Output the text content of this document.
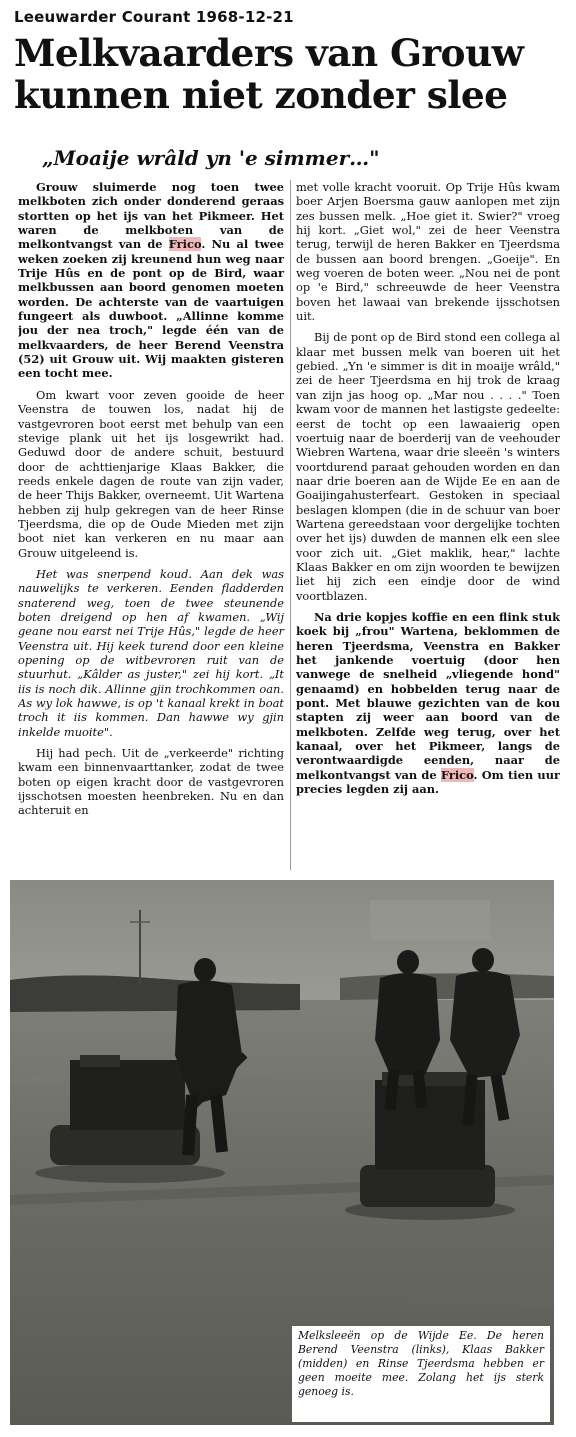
Leeuwarder Courant 1968-12-21
Melkvaarders van Grouw
kunnen niet zonder slee
„Moaije wrâld yn 'e simmer…"

Grouw sluimerde nog toen twee melkboten zich onder donderend geraas stortten op het ijs van het Pikmeer. Het waren de melkboten van de melkontvangst van de Frico. Nu al twee weken zoeken zij kreunend hun weg naar Trije Hûs en de pont op de Bird, waar melkbussen aan boord genomen moeten worden. De achterste van de vaartuigen fungeert als duwboot. „Allinne komme jou der nea troch," legde één van de melkvaarders, de heer Berend Veenstra (52) uit Grouw uit. Wij maakten gisteren een tocht mee.

Om kwart voor zeven gooide de heer Veenstra de touwen los, nadat hij de vastgevroren boot eerst met behulp van een stevige plank uit het ijs losgewrikt had. Geduwd door de andere schuit, bestuurd door de achttienjarige Klaas Bakker, die reeds enkele dagen de route van zijn vader, de heer Thijs Bakker, overneemt. Uit Wartena hebben zij hulp gekregen van de heer Rinse Tjeerdsma, die op de Oude Mieden met zijn boot niet kan verkeren en nu maar aan Grouw uitgeleend is.

Het was snerpend koud. Aan dek was nauwelijks te verkeren. Eenden fladderden snaterend weg, toen de twee steunende boten dreigend op hen af kwamen. „Wij geane nou earst nei Trije Hûs," legde de heer Veenstra uit. Hij keek turend door een kleine opening op de witbevroren ruit van de stuurhut. „Kâlder as juster," zei hij kort. „It iis is noch dik. Allinne gjin trochkommen oan. As wy lok hawwe, is op 't kanaal krekt in boat troch it iis kommen. Dan hawwe wy gjin inkelde muoite".

Hij had pech. Uit de „verkeerde" richting kwam een binnenvaarttanker, zodat de twee boten op eigen kracht door de vastgevroren ijsschotsen moesten heenbreken. Nu en dan achteruit en

met volle kracht vooruit. Op Trije Hûs kwam boer Arjen Boersma gauw aanlopen met zijn zes bussen melk. „Hoe giet it. Swier?" vroeg hij kort. „Giet wol," zei de heer Veenstra terug, terwijl de heren Bakker en Tjeerdsma de bussen aan boord brengen. „Goeije". En weg voeren de boten weer. „Nou nei de pont op 'e Bird," schreeuwde de heer Veenstra boven het lawaai van brekende ijsschotsen uit.

Bij de pont op de Bird stond een collega al klaar met bussen melk van boeren uit het gebied. „Yn 'e simmer is dit in moaije wrâld," zei de heer Tjeerdsma en hij trok de kraag van zijn jas hoog op. „Mar nou . . . ." Toen kwam voor de mannen het lastigste gedeelte: eerst de tocht op een lawaaierig open voertuig naar de boerderij van de veehouder Wiebren Wartena, waar drie sleeën 's winters voortdurend paraat gehouden worden en dan naar drie boeren aan de Wijde Ee en aan de Goaijingahusterfeart. Gestoken in speciaal beslagen klompen (die in de schuur van boer Wartena gereedstaan voor dergelijke tochten over het ijs) duwden de mannen elk een slee voor zich uit. „Giet maklik, hear," lachte Klaas Bakker en om zijn woorden te bewijzen liet hij zich een eindje door de wind voortblazen.

Na drie kopjes koffie en een flink stuk koek bij „frou" Wartena, beklommen de heren Tjeerdsma, Veenstra en Bakker het jankende voertuig (door hen vanwege de snelheid „vliegende hond" genaamd) en hobbelden terug naar de pont. Met blauwe gezichten van de kou stapten zij weer aan boord van de melkboten. Zelfde weg terug, over het kanaal, over het Pikmeer, langs de verontwaardigde eenden, naar de melkontvangst van de Frico. Om tien uur precies legden zij aan.

Melksleeën op de Wijde Ee. De heren Berend Veenstra (links), Klaas Bakker (midden) en Rinse Tjeerdsma hebben er geen moeite mee. Zolang het ijs sterk genoeg is.
